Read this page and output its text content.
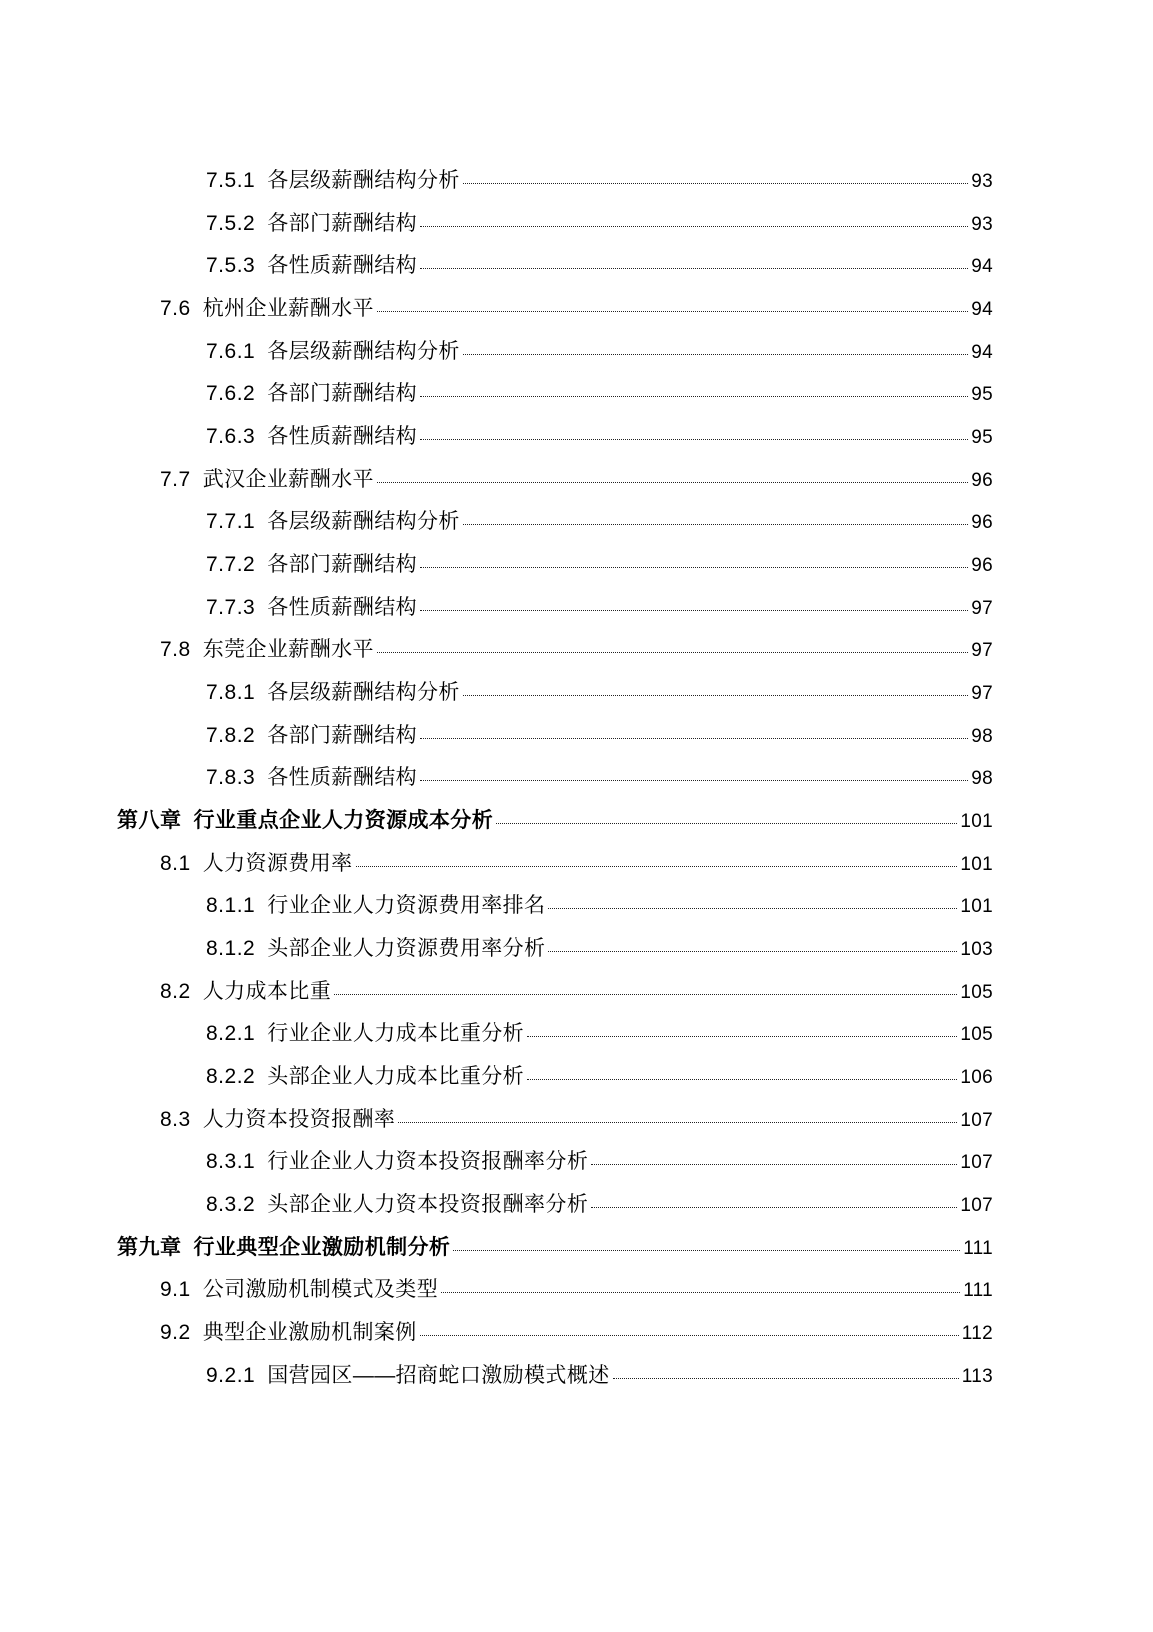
7.5.1 各层级薪酬结构分析	93
7.5.2 各部门薪酬结构	93
7.5.3 各性质薪酬结构	94
7.6 杭州企业薪酬水平	94
7.6.1 各层级薪酬结构分析	94
7.6.2 各部门薪酬结构	95
7.6.3 各性质薪酬结构	95
7.7 武汉企业薪酬水平	96
7.7.1 各层级薪酬结构分析	96
7.7.2 各部门薪酬结构	96
7.7.3 各性质薪酬结构	97
7.8 东莞企业薪酬水平	97
7.8.1 各层级薪酬结构分析	97
7.8.2 各部门薪酬结构	98
7.8.3 各性质薪酬结构	98
第八章 行业重点企业人力资源成本分析	101
8.1 人力资源费用率	101
8.1.1 行业企业人力资源费用率排名	101
8.1.2 头部企业人力资源费用率分析	103
8.2 人力成本比重	105
8.2.1 行业企业人力成本比重分析	105
8.2.2 头部企业人力成本比重分析	106
8.3 人力资本投资报酬率	107
8.3.1 行业企业人力资本投资报酬率分析	107
8.3.2 头部企业人力资本投资报酬率分析	107
第九章 行业典型企业激励机制分析	111
9.1 公司激励机制模式及类型	111
9.2 典型企业激励机制案例	112
9.2.1 国营园区——招商蛇口激励模式概述	113
